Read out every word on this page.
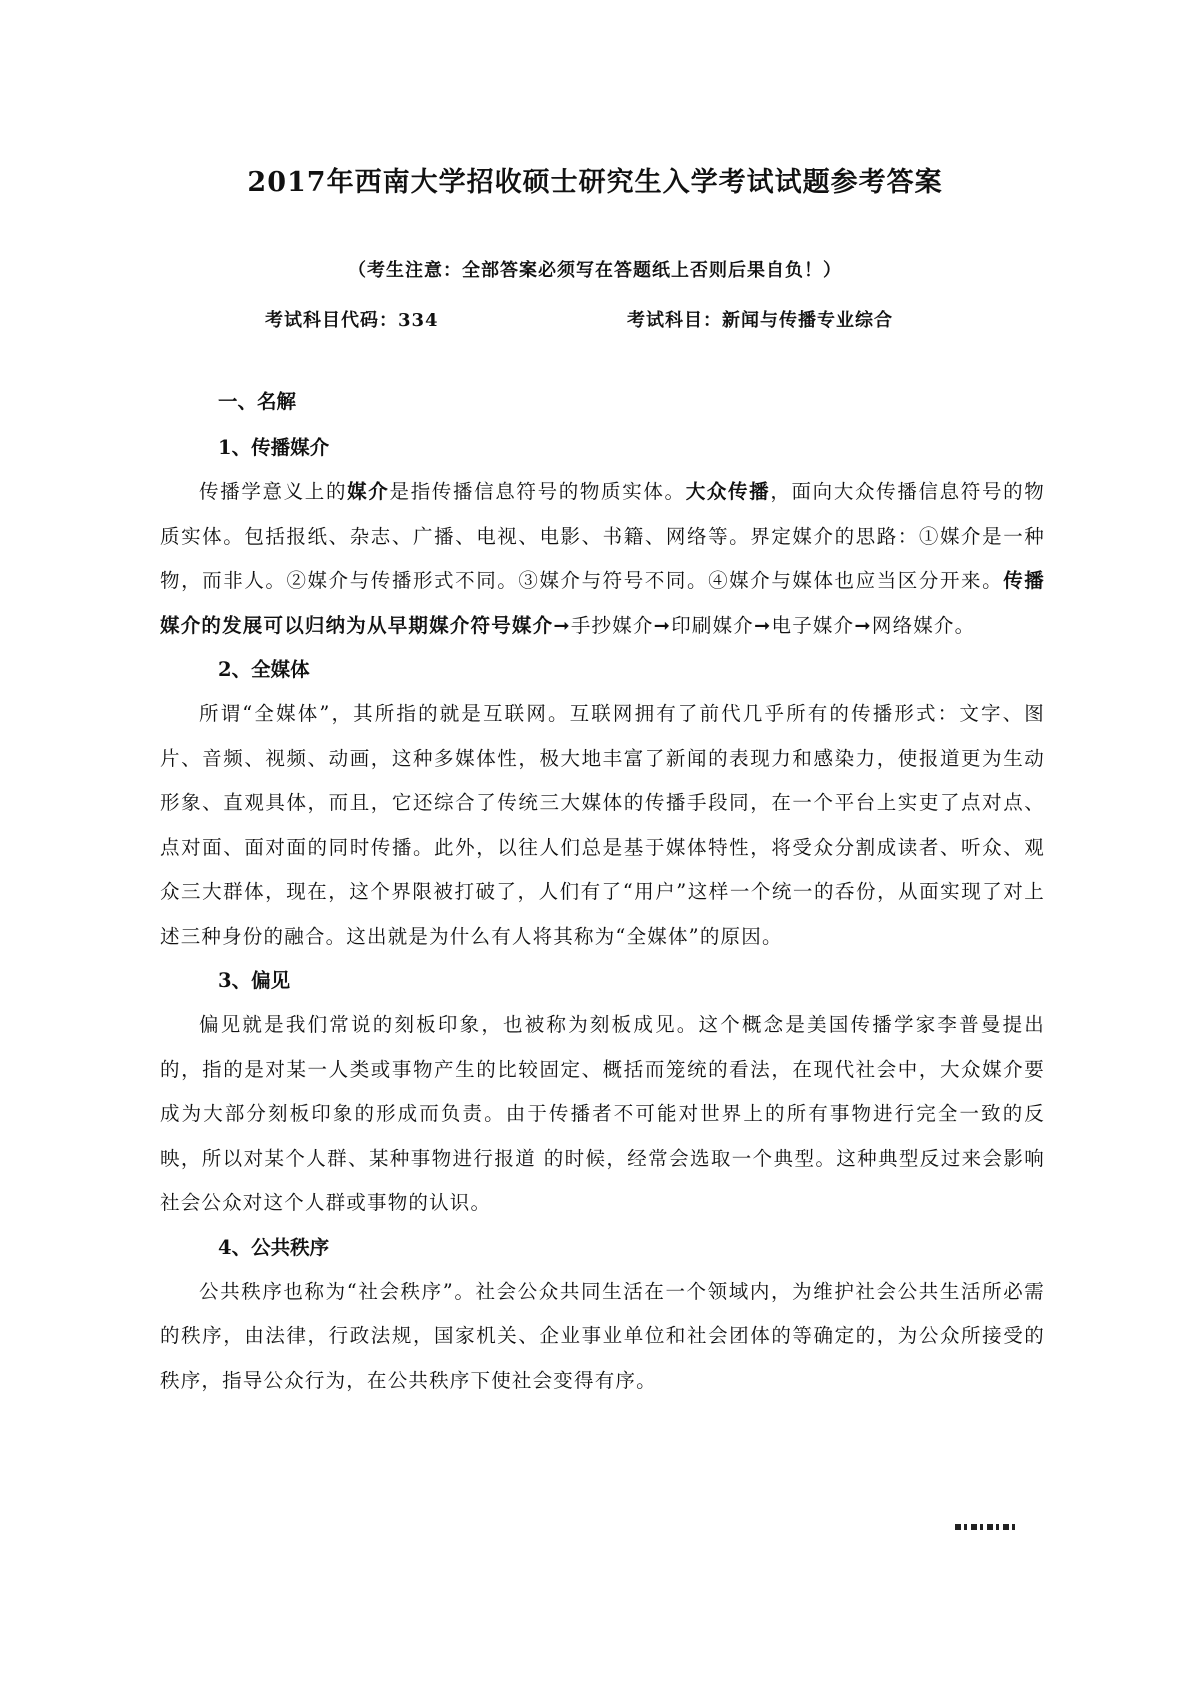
2017年西南大学招收硕士研究生入学考试试题参考答案
（考生注意：全部答案必须写在答题纸上否则后果自负！）
考试科目代码：334	考试科目：新闻与传播专业综合

一、名解

1、传播媒介

传播学意义上的媒介是指传播信息符号的物质实体。大众传播，面向大众传播信息符号的物质实体。包括报纸、杂志、广播、电视、电影、书籍、网络等。界定媒介的思路：①媒介是一种物，而非人。②媒介与传播形式不同。③媒介与符号不同。④媒介与媒体也应当区分开来。传播媒介的发展可以归纳为从早期媒介符号媒介➞手抄媒介➞印刷媒介➞电子媒介➞网络媒介。

2、全媒体

所谓“全媒体”，其所指的就是互联网。互联网拥有了前代几乎所有的传播形式：文字、图片、音频、视频、动画，这种多媒体性，极大地丰富了新闻的表现力和感染力，使报道更为生动形象、直观具体，而且，它还综合了传统三大媒体的传播手段同，在一个平台上实吏了点对点、点对面、面对面的同时传播。此外，以往人们总是基于媒体特性，将受众分割成读者、听众、观众三大群体，现在，这个界限被打破了，人们有了“用户”这样一个统一的呑份，从面实现了对上述三种身份的融合。这出就是为什么有人将其称为“全媒体”的原因。

3、偏见

偏见就是我们常说的刻板印象，也被称为刻板成见。这个概念是美国传播学家李普曼提出的，指的是对某一人类或事物产生的比较固定、概括而笼统的看法，在现代社会中，大众媒介要成为大部分刻板印象的形成而负责。由于传播者不可能对世界上的所有事物进行完全一致的反映，所以对某个人群、某种事物进行报道 的时候，经常会选取一个典型。这种典型反过来会影响社会公众对这个人群或事物的认识。

4、公共秩序

公共秩序也称为“社会秩序”。社会公众共同生活在一个领域内，为维护社会公共生活所必需的秩序，由法律，行政法规，国家机关、企业事业单位和社会团体的等确定的，为公众所接受的秩序，指导公众行为，在公共秩序下使社会变得有序。
